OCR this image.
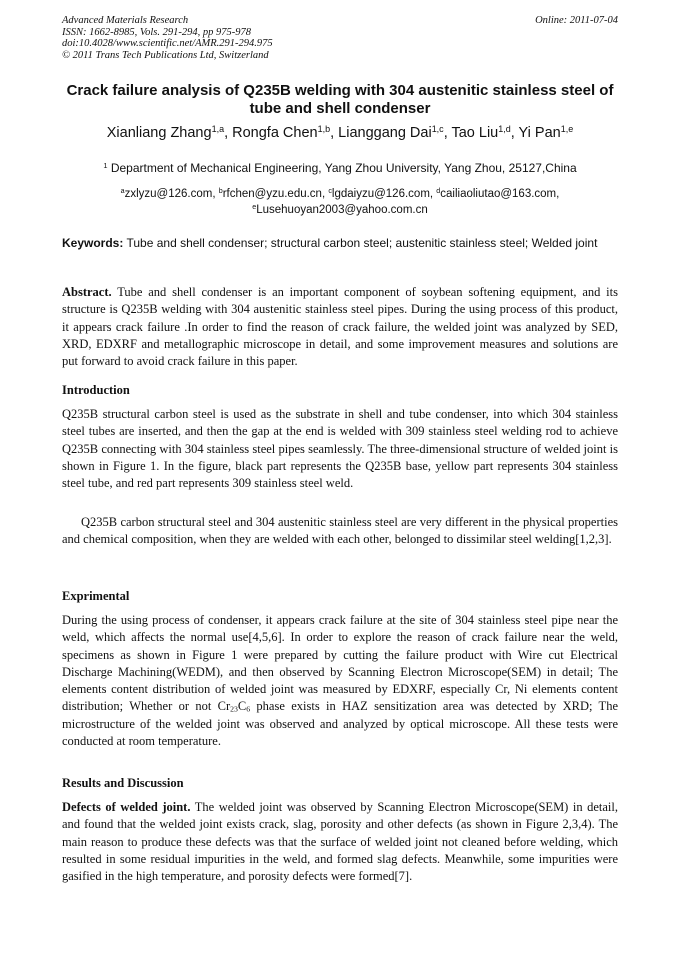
Advanced Materials Research
ISSN: 1662-8985, Vols. 291-294, pp 975-978
doi:10.4028/www.scientific.net/AMR.291-294.975
© 2011 Trans Tech Publications Ltd, Switzerland
Online: 2011-07-04
Crack failure analysis of Q235B welding with 304 austenitic stainless steel of tube and shell condenser
Xianliang Zhang$^{1,a}$, Rongfa Chen$^{1,b}$, Lianggang Dai$^{1,c}$, Tao Liu$^{1,d}$, Yi Pan$^{1,e}$
$^1$ Department of Mechanical Engineering, Yang Zhou University, Yang Zhou, 25127,China
$^a$zxlyzu@126.com, $^b$rfchen@yzu.edu.cn, $^c$lgdaiyzu@126.com, $^d$cailiaoliutao@163.com,
$^e$Lusehuoyan2003@yahoo.com.cn
Keywords: Tube and shell condenser; structural carbon steel; austenitic stainless steel; Welded joint
Abstract. Tube and shell condenser is an important component of soybean softening equipment, and its structure is Q235B welding with 304 austenitic stainless steel pipes. During the using process of this product, it appears crack failure .In order to find the reason of crack failure, the welded joint was analyzed by SED, XRD, EDXRF and metallographic microscope in detail, and some improvement measures and solutions are put forward to avoid crack failure in this paper.
Introduction
Q235B structural carbon steel is used as the substrate in shell and tube condenser, into which 304 stainless steel tubes are inserted, and then the gap at the end is welded with 309 stainless steel welding rod to achieve Q235B connecting with 304 stainless steel pipes seamlessly. The three-dimensional structure of welded joint is shown in Figure 1. In the figure, black part represents the Q235B base, yellow part represents 304 stainless steel tube, and red part represents 309 stainless steel weld.
Q235B carbon structural steel and 304 austenitic stainless steel are very different in the physical properties and chemical composition, when they are welded with each other, belonged to dissimilar steel welding[1,2,3].
Exprimental
During the using process of condenser, it appears crack failure at the site of 304 stainless steel pipe near the weld, which affects the normal use[4,5,6]. In order to explore the reason of crack failure near the weld, specimens as shown in Figure 1 were prepared by cutting the failure product with Wire cut Electrical Discharge Machining(WEDM), and then observed by Scanning Electron Microscope(SEM) in detail; The elements content distribution of welded joint was measured by EDXRF, especially Cr, Ni elements content distribution; Whether or not $Cr_{23}C_6$ phase exists in HAZ sensitization area was detected by XRD; The microstructure of the welded joint was observed and analyzed by optical microscope. All these tests were conducted at room temperature.
Results and Discussion
Defects of welded joint. The welded joint was observed by Scanning Electron Microscope(SEM) in detail, and found that the welded joint exists crack, slag, porosity and other defects (as shown in Figure 2,3,4). The main reason to produce these defects was that the surface of welded joint not cleaned before welding, which resulted in some residual impurities in the weld, and formed slag defects. Meanwhile, some impurities were gasified in the high temperature, and porosity defects were formed[7].
